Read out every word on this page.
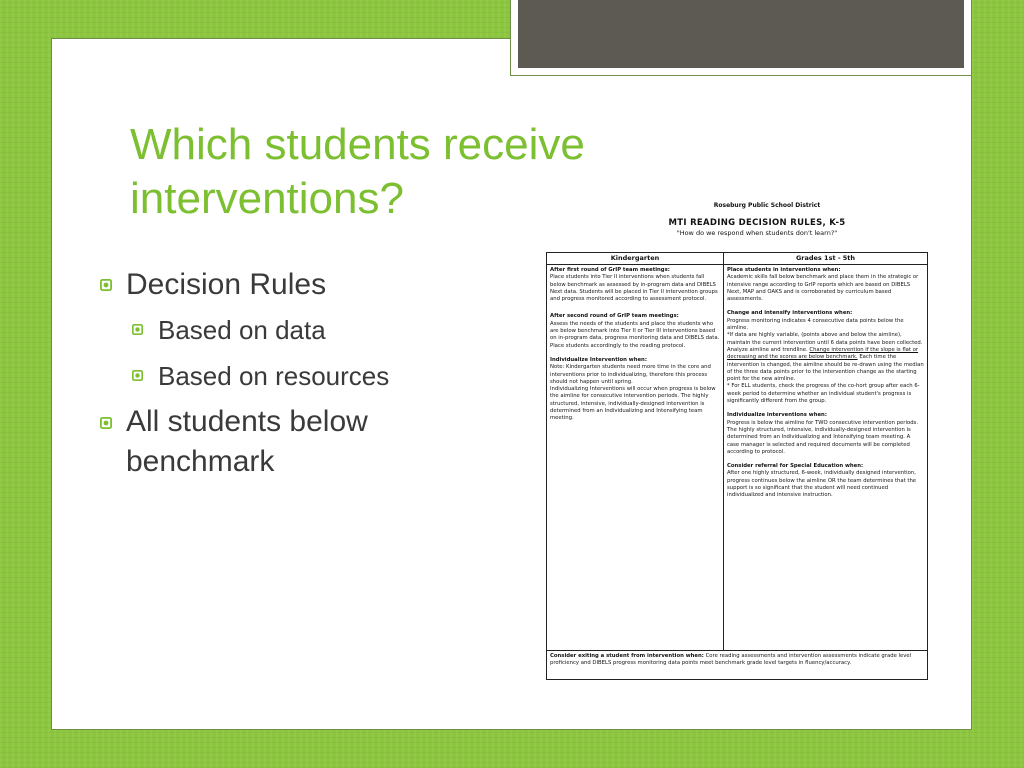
Which students receive
interventions?
Decision Rules
Based on data
Based on resources
All students below
benchmark
Roseburg Public School District
MTI READING DECISION RULES, K-5
"How do we respond when students don't learn?"
Kindergarten	Grades 1st - 5th

After first round of GrIP team meetings:
Place students into Tier II interventions when students fall below benchmark as assessed by in-program data and DIBELS Next data. Students will be placed in Tier II intervention groups and progress monitored according to assessment protocol.

After second round of GrIP team meetings:
Assess the needs of the students and place the students who are below benchmark into Tier II or Tier III interventions based on in-program data, progress monitoring data and DIBELS data. Place students accordingly to the reading protocol.

Individualize Intervention when:
Note: Kindergarten students need more time in the core and interventions prior to individualizing, therefore this process should not happen until spring.

Individualizing Interventions will occur when progress is below the aimline for consecutive intervention periods. The highly structured, intensive, individually-designed intervention is determined from an Individualizing and Intensifying team meeting.

Place students in interventions when:
Academic skills fall below benchmark and place them in the strategic or intensive range according to GrIP reports which are based on DIBELS Next, MAP and OAKS and is corroborated by curriculum based assessments.

Change and intensify interventions when:
Progress monitoring indicates 4 consecutive data points below the aimline.

*If data are highly variable, (points above and below the aimline), maintain the current intervention until 6 data points have been collected. Analyze aimline and trendline. Change intervention if the slope is flat or decreasing and the scores are below benchmark. Each time the intervention is changed, the aimline should be re-drawn using the median of the three data points prior to the intervention change as the starting point for the new aimline.

* For ELL students, check the progress of the co-hort group after each 6-week period to determine whether an individual student's progress is significantly different from the group.

Individualize interventions when:
Progress is below the aimline for TWO consecutive intervention periods. The highly structured, intensive, individually-designed intervention is determined from an Individualizing and Intensifying team meeting. A case manager is selected and required documents will be completed according to protocol.

Consider referral for Special Education when:
After one highly structured, 6-week, individually designed intervention, progress continues below the aimline OR the team determines that the support is so significant that the student will need continued individualized and intensive instruction.

Consider exiting a student from intervention when: Core reading assessments and intervention assessments indicate grade level proficiency and DIBELS progress monitoring data points meet benchmark grade level targets in fluency/accuracy.
